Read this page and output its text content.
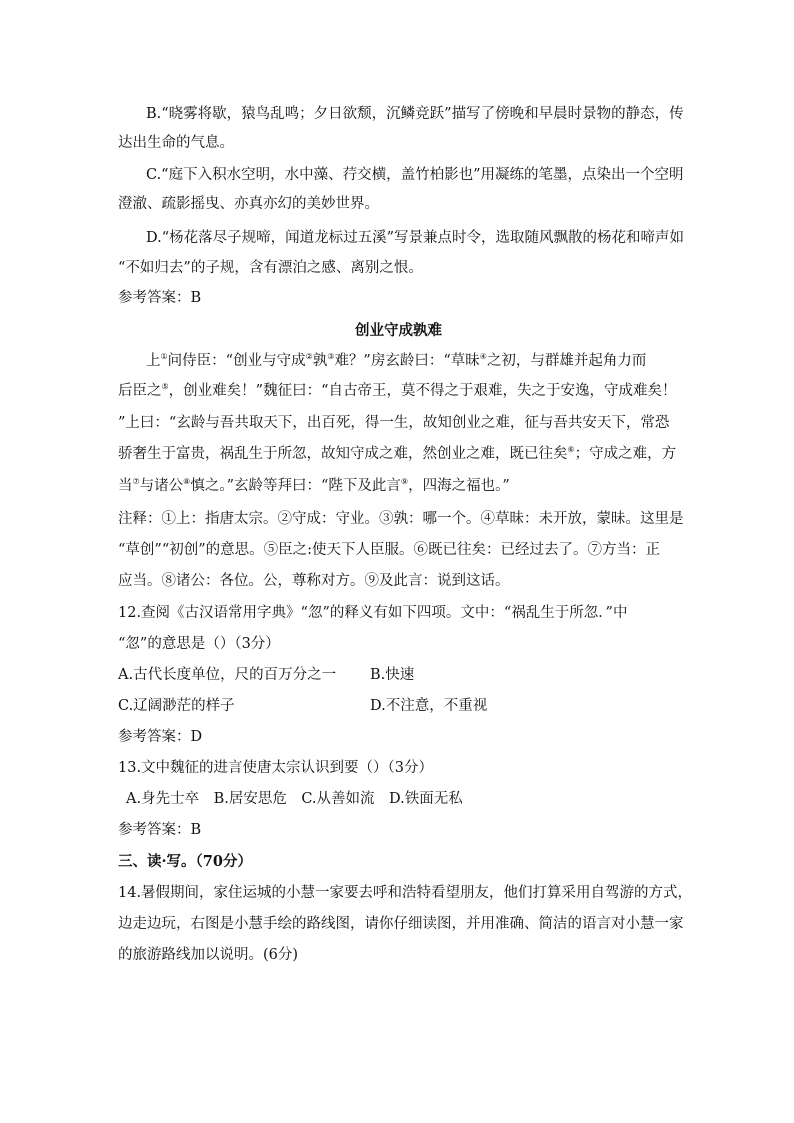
B.“晓雾将歇，猿鸟乱鸣；夕日欲颓，沉鳞竞跃”描写了傍晚和早晨时景物的静态，传
达出生命的气息。
C.“庭下入积水空明，水中藻、荇交横，盖竹柏影也”用凝练的笔墨，点染出一个空明
澄澈、疏影摇曳、亦真亦幻的美妙世界。
D.“杨花落尽子规啼，闻道龙标过五溪”写景兼点时令，选取随风飘散的杨花和啼声如
“不如归去”的子规，含有漂泊之感、离别之恨。
参考答案：B
创业守成孰难
上①问侍臣：“创业与守成②孰③难？”房玄龄曰：“草昧④之初，与群雄并起角力而
后臣之⑤，创业难矣！”魏征曰：“自古帝王，莫不得之于艰难，失之于安逸，守成难矣！
”上曰：“玄龄与吾共取天下，出百死，得一生，故知创业之难，征与吾共安天下，常恐
骄奢生于富贵，祸乱生于所忽，故知守成之难，然创业之难，既已往矣⑥；守成之难，方
当⑦与诸公⑧慎之。”玄龄等拜曰：“陛下及此言⑨，四海之福也。”
注释：①上：指唐太宗。②守成：守业。③孰：哪一个。④草昧：未开放，蒙昧。这里是
“草创”“初创”的意思。⑤臣之:使天下人臣服。⑥既已往矣：已经过去了。⑦方当：正
应当。⑧诸公：各位。公，尊称对方。⑨及此言：说到这话。
12.查阅《古汉语常用字典》“忽”的释义有如下四项。文中：“祸乱生于所忽．”中
“忽”的意思是（）（3分）
A.古代长度单位，尺的百万分之一 B.快速
C.辽阔渺茫的样子	D.不注意，不重视
参考答案：D
13.文中魏征的进言使唐太宗认识到要（）（3分）
A.身先士卒　B.居安思危　C.从善如流　D.铁面无私
参考答案：B
三、读·写。（70分）
14.暑假期间，家住运城的小慧一家要去呼和浩特看望朋友，他们打算采用自驾游的方式，
边走边玩，右图是小慧手绘的路线图，请你仔细读图，并用准确、简洁的语言对小慧一家
的旅游路线加以说明。(6分)
